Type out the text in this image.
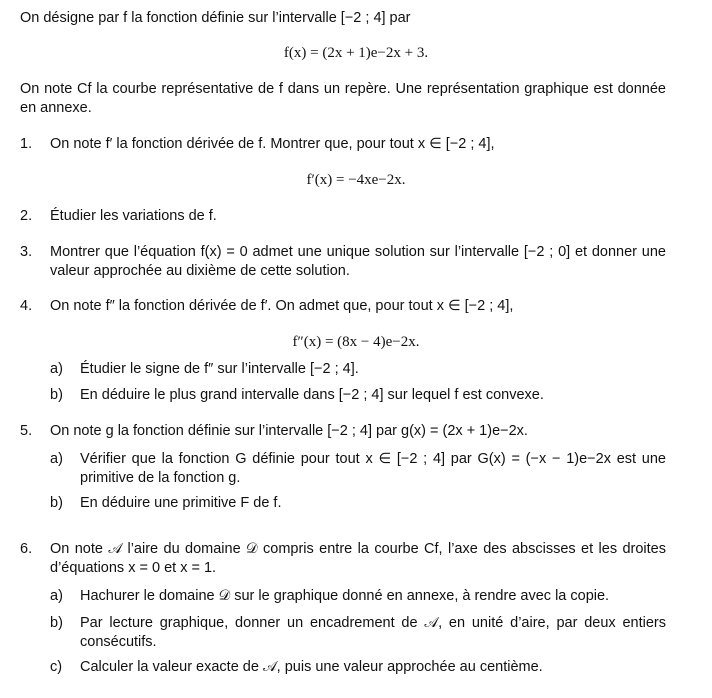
On désigne par f la fonction définie sur l’intervalle [−2 ; 4] par
f(x) = (2x + 1)e−2x + 3.
On note Cf la courbe représentative de f dans un repère. Une représentation graphique est donnée en annexe.
1. On note f′ la fonction dérivée de f. Montrer que, pour tout x ∈ [−2 ; 4],
f′(x) = −4xe−2x.
2. Étudier les variations de f.
3. Montrer que l’équation f(x) = 0 admet une unique solution sur l’intervalle [−2 ; 0] et donner une valeur approchée au dixième de cette solution.
4. On note f″ la fonction dérivée de f′. On admet que, pour tout x ∈ [−2 ; 4],
f″(x) = (8x − 4)e−2x.
a) Étudier le signe de f″ sur l’intervalle [−2 ; 4].
b) En déduire le plus grand intervalle dans [−2 ; 4] sur lequel f est convexe.
5. On note g la fonction définie sur l’intervalle [−2 ; 4] par g(x) = (2x + 1)e−2x.
a) Vérifier que la fonction G définie pour tout x ∈ [−2 ; 4] par G(x) = (−x − 1)e−2x est une primitive de la fonction g.
b) En déduire une primitive F de f.
6. On note 𝒜 l’aire du domaine 𝒟 compris entre la courbe Cf, l’axe des abscisses et les droites d’équations x = 0 et x = 1.
a) Hachurer le domaine 𝒟 sur le graphique donné en annexe, à rendre avec la copie.
b) Par lecture graphique, donner un encadrement de 𝒜, en unité d’aire, par deux entiers consécutifs.
c) Calculer la valeur exacte de 𝒜, puis une valeur approchée au centième.
